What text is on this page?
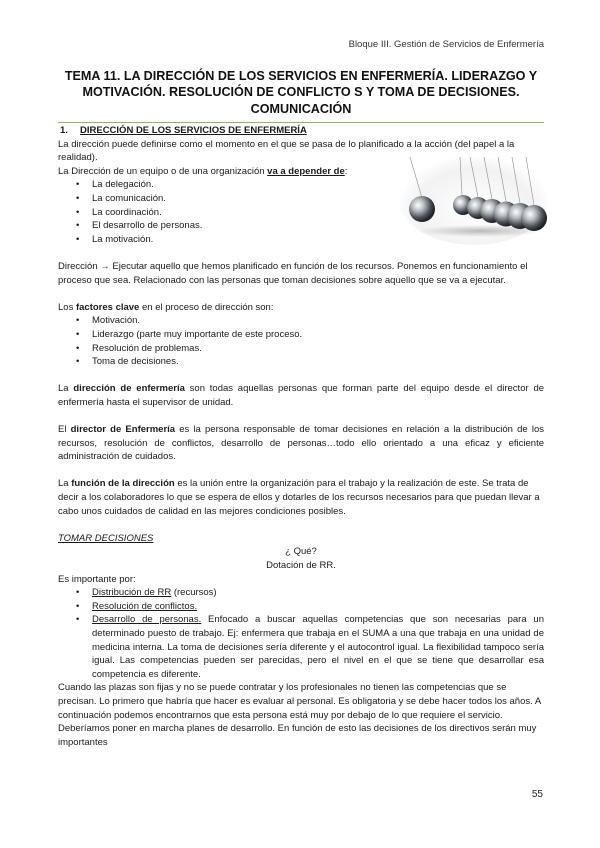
Bloque III. Gestión de Servicios de Enfermería
TEMA 11. LA DIRECCIÓN DE LOS SERVICIOS EN ENFERMERÍA. LIDERAZGO Y
MOTIVACIÓN. RESOLUCIÓN DE CONFLICTO S Y TOMA DE DECISIONES.
COMUNICACIÓN
1.	DIRECCIÓN DE LOS SERVICIOS DE ENFERMERÍA

La dirección puede definirse como el momento en el que se pasa de lo planificado a la acción (del papel a la realidad).

La Dirección de un equipo o de una organización va a depender de:

• La delegación.
• La comunicación.
• La coordinación.
• El desarrollo de personas.
• La motivación.

Dirección → Ejecutar aquello que hemos planificado en función de los recursos. Ponemos en funcionamiento el proceso que sea. Relacionado con las personas que toman decisiones sobre aquello que se va a ejecutar.

Los factores clave en el proceso de dirección son:

• Motivación.
• Liderazgo (parte muy importante de este proceso.
• Resolución de problemas.
• Toma de decisiones.

La dirección de enfermería son todas aquellas personas que forman parte del equipo desde el director de enfermería hasta el supervisor de unidad.

El director de Enfermería es la persona responsable de tomar decisiones en relación a la distribución de los recursos, resolución de conflictos, desarrollo de personas…todo ello orientado a una eficaz y eficiente administración de cuidados.

La función de la dirección es la unión entre la organización para el trabajo y la realización de este. Se trata de decir a los colaboradores lo que se espera de ellos y dotarles de los recursos necesarios para que puedan llevar a cabo unos cuidados de calidad en las mejores condiciones posibles.

TOMAR DECISIONES

¿ Qué?

Dotación de RR.

Es importante por:

• Distribución de RR (recursos)
• Resolución de conflictos.
• Desarrollo de personas. Enfocado a buscar aquellas competencias que son necesarias para un determinado puesto de trabajo. Ej: enfermera que trabaja en el SUMA a una que trabaja en una unidad de medicina interna. La toma de decisiones sería diferente y el autocontrol igual. La flexibilidad tampoco sería igual. Las competencias pueden ser parecidas, pero el nivel en el que se tiene que desarrollar esa competencia es diferente.

Cuando las plazas son fijas y no se puede contratar y los profesionales no tienen las competencias que se precisan. Lo primero que habría que hacer es evaluar al personal. Es obligatoria y se debe hacer todos los años. A continuación podemos encontrarnos que esta persona está muy por debajo de lo que requiere el servicio. Deberíamos poner en marcha planes de desarrollo. En función de esto las decisiones de los directivos serán muy importantes

55
